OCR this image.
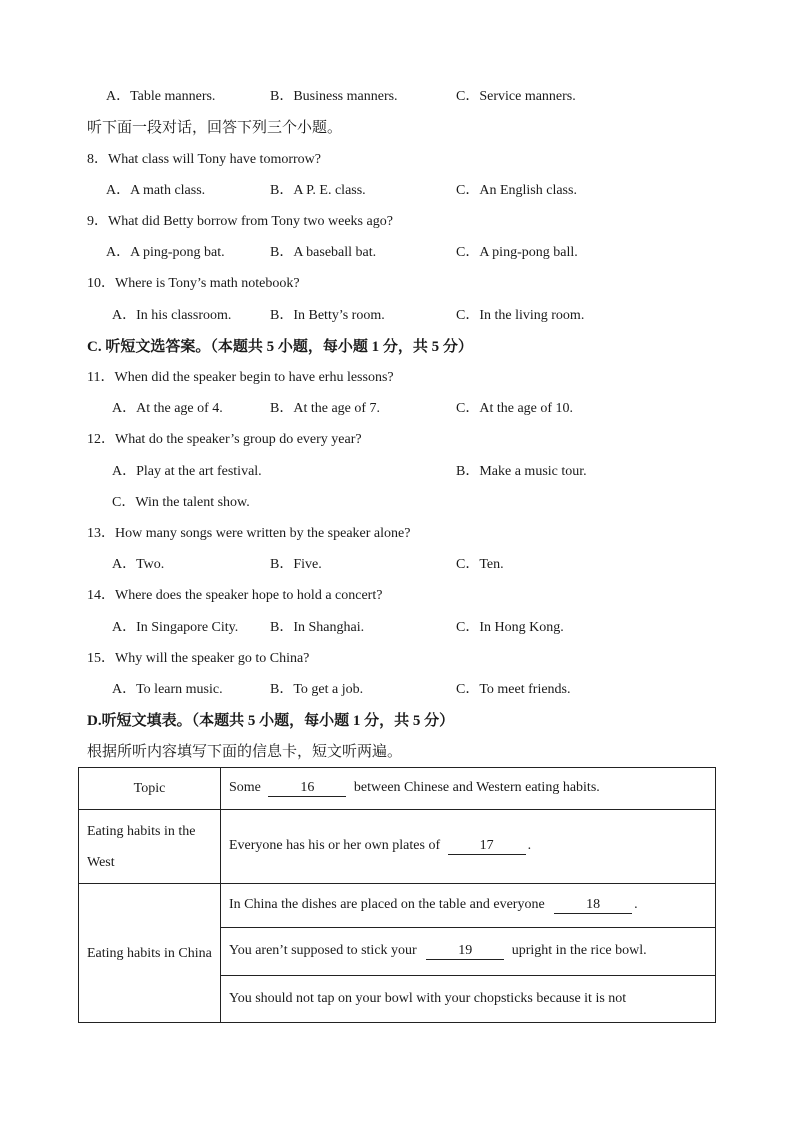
A．Table manners.	B．Business manners.	C．Service manners.
听下面一段对话，回答下列三个小题。
8．What class will Tony have tomorrow?
A．A math class.	B．A P. E. class.	C．An English class.
9．What did Betty borrow from Tony two weeks ago?
A．A ping-pong bat.	B．A baseball bat.	C．A ping-pong ball.
10．Where is Tony’s math notebook?
A．In his classroom.	B．In Betty’s room.	C．In the living room.
C. 听短文选答案。（本题共 5 小题，每小题 1 分，共 5 分）
11．When did the speaker begin to have erhu lessons?
A．At the age of 4.	B．At the age of 7.	C．At the age of 10.
12．What do the speaker’s group do every year?
A．Play at the art festival.	B．Make a music tour.
C．Win the talent show.
13．How many songs were written by the speaker alone?
A．Two.	B．Five.	C．Ten.
14．Where does the speaker hope to hold a concert?
A．In Singapore City. B．In Shanghai.	C．In Hong Kong.
15．Why will the speaker go to China?
A．To learn music.	B．To get a job.	C．To meet friends.
D.听短文填表。（本题共 5 小题，每小题 1 分，共 5 分）
根据所听内容填写下面的信息卡，短文听两遍。
Topic	Some 16 between Chinese and Western eating habits.
Eating habits in the West	Everyone has his or her own plates of 17 .
Eating habits in China	In China the dishes are placed on the table and everyone 18 .
	You aren’t supposed to stick your 19 upright in the rice bowl.
	You should not tap on your bowl with your chopsticks because it is not
